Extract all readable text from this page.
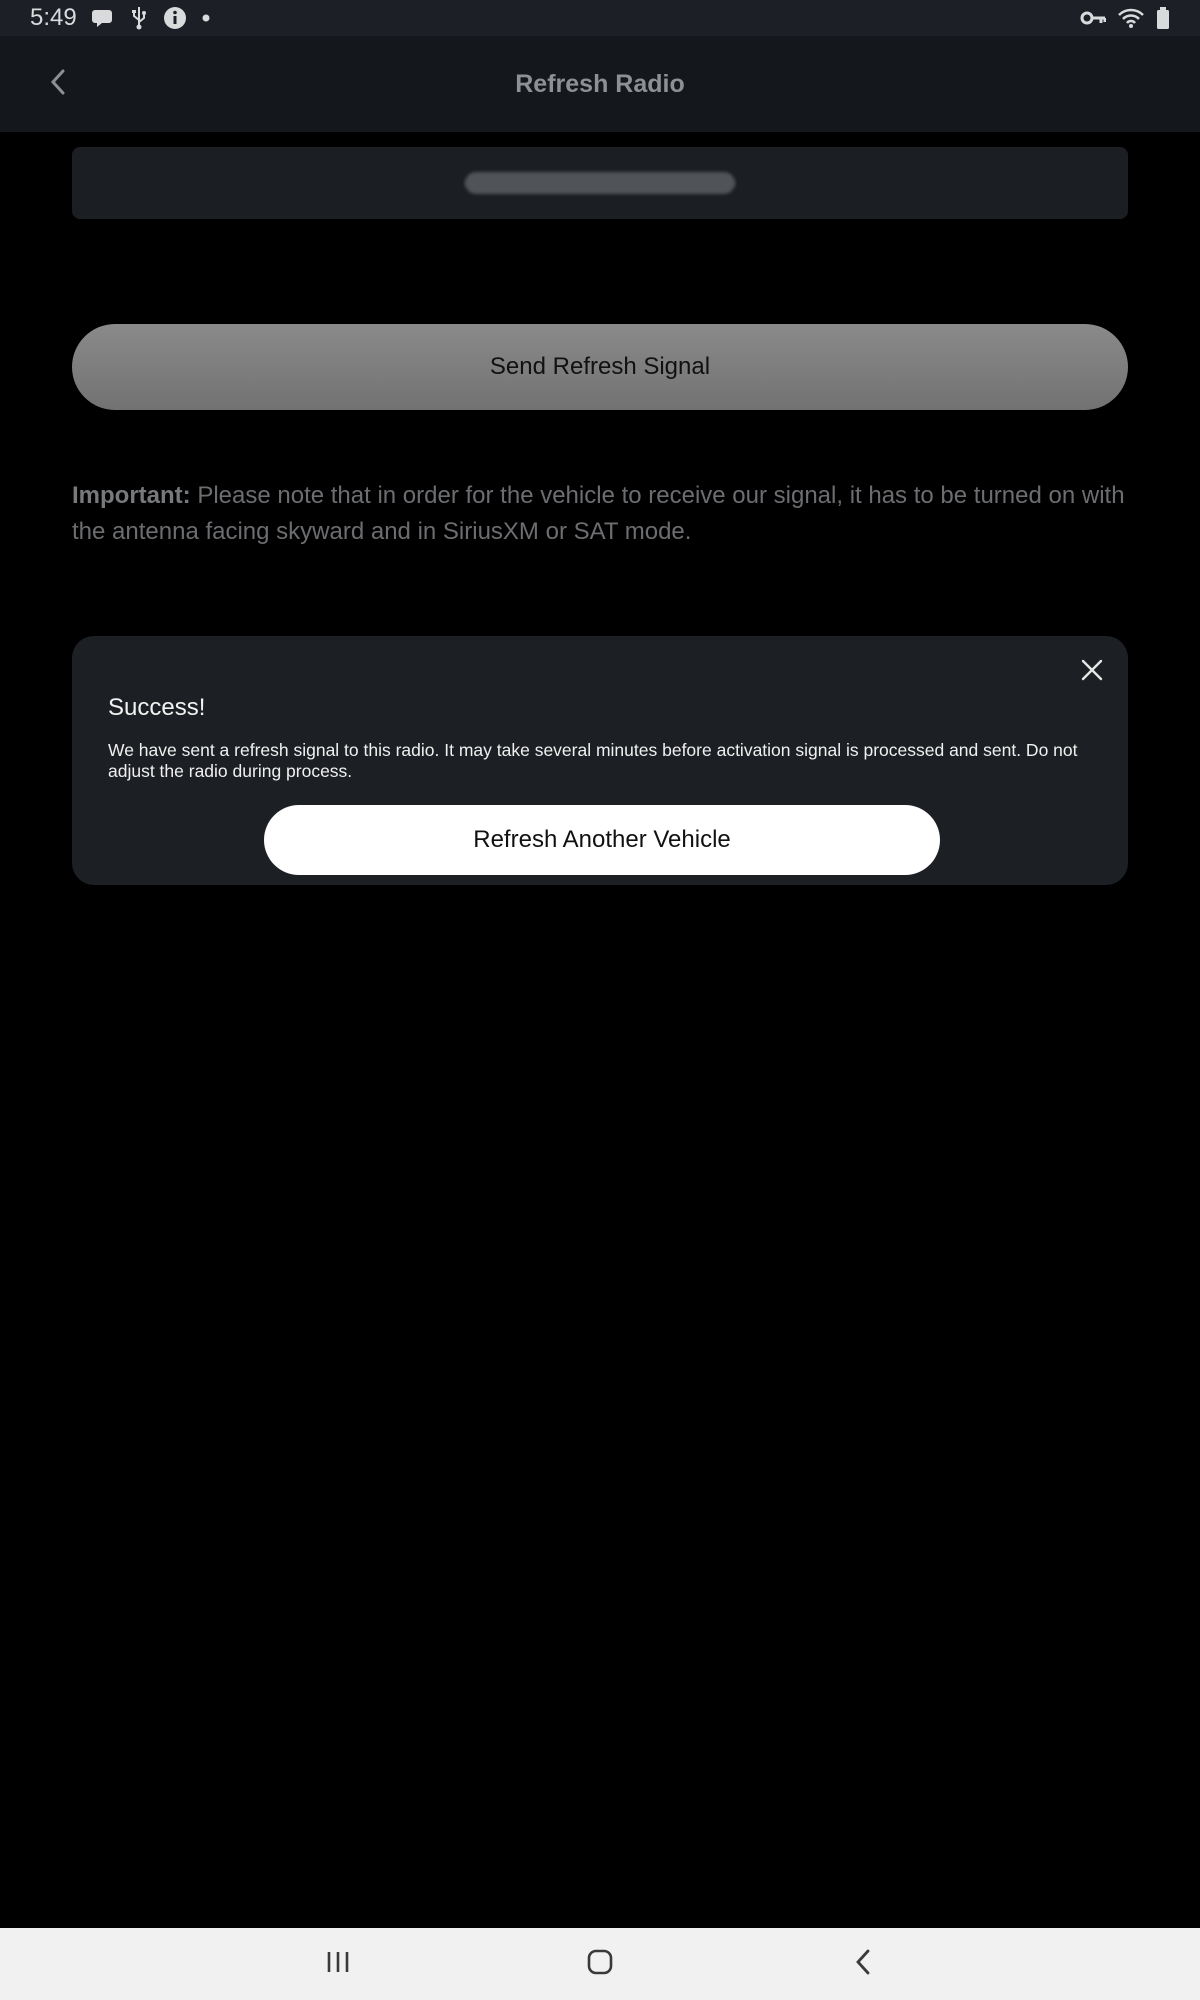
5:49
Refresh Radio
Send Refresh Signal

Important: Please note that in order for the vehicle to receive our signal, it has to be turned on with the antenna facing skyward and in SiriusXM or SAT mode.

Success!
We have sent a refresh signal to this radio. It may take several minutes before activation signal is processed and sent. Do not adjust the radio during process.
Refresh Another Vehicle
